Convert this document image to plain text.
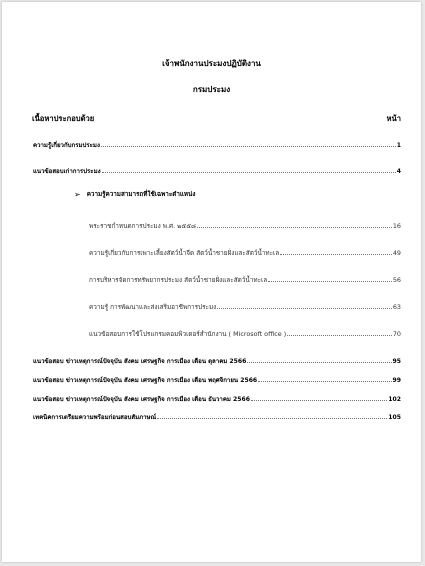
เจ้าพนักงานประมงปฏิบัติงาน
กรมประมง
เนื้อหาประกอบด้วย	หน้า
ความรู้เกี่ยวกับกรมประมง	1
แนวข้อสอบเก่าการประมง	4
➢ ความรู้ความสามารถที่ใช้เฉพาะตำแหน่ง
พระราชกำหนดการประมง พ.ศ. ๒๕๕๘	16
ความรู้เกี่ยวกับการเพาะเลี้ยงสัตว์น้ำจืด สัตว์น้ำชายฝั่งและสัตว์น้ำทะเล	49
การบริหารจัดการทรัพยากรประมง สัตว์น้ำชายฝั่งและสัตว์น้ำทะเล	56
ความรู้ การพัฒนาและส่งเสริมอาชีพการประมง	63
แนวข้อสอบการใช้โปรแกรมคอมพิวเตอร์สำนักงาน ( Microsoft office )	70
แนวข้อสอบ ข่าวเหตุการณ์ปัจจุบัน สังคม เศรษฐกิจ การเมือง เดือน ตุลาคม 2566	95
แนวข้อสอบ ข่าวเหตุการณ์ปัจจุบัน สังคม เศรษฐกิจ การเมือง เดือน พฤศจิกายน 2566	99
แนวข้อสอบ ข่าวเหตุการณ์ปัจจุบัน สังคม เศรษฐกิจ การเมือง เดือน ธันวาคม 2566	102
เทคนิคการเตรียมความพร้อมก่อนสอบสัมภาษณ์	105
